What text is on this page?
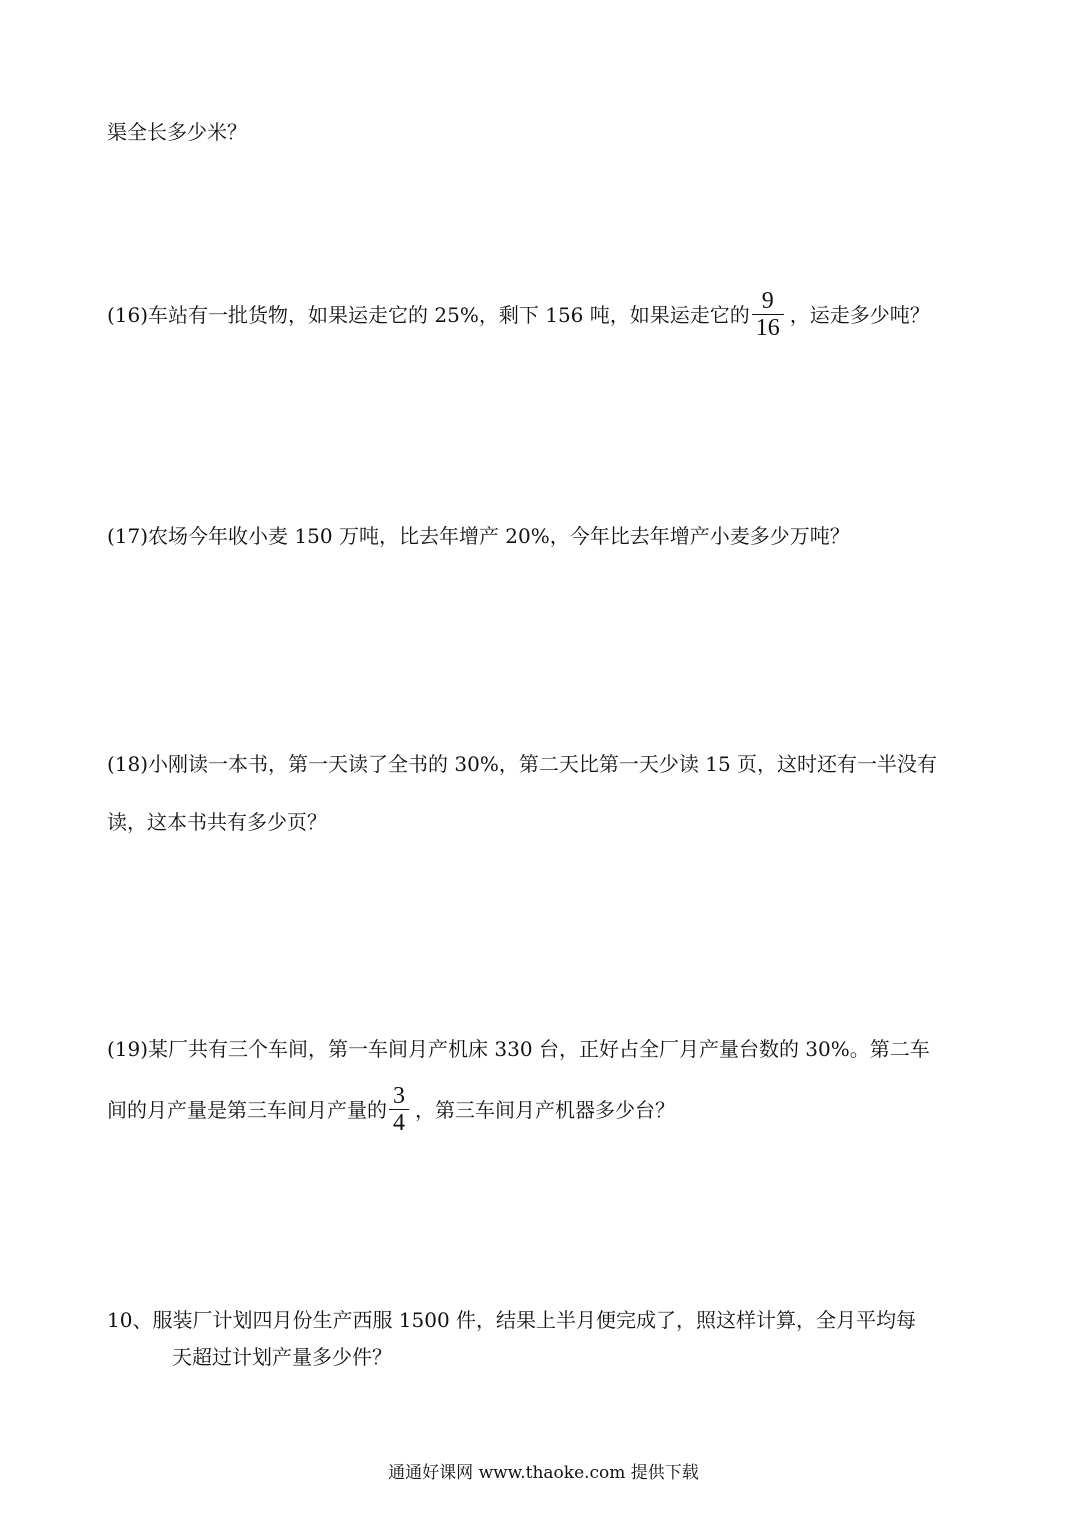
渠全长多少米？
(16)车站有一批货物，如果运走它的 25%，剩下 156 吨，如果运走它的 $\frac{9}{16}$ ，运走多少吨？
(17)农场今年收小麦 150 万吨，比去年增产 20%，今年比去年增产小麦多少万吨？
(18)小刚读一本书，第一天读了全书的 30%，第二天比第一天少读 15 页，这时还有一半没有
读，这本书共有多少页？
(19)某厂共有三个车间，第一车间月产机床 330 台，正好占全厂月产量台数的 30%。第二车
间的月产量是第三车间月产量的 $\frac{3}{4}$ ，第三车间月产机器多少台？
10、服装厂计划四月份生产西服 1500 件，结果上半月便完成了，照这样计算，全月平均每
天超过计划产量多少件？
通通好课网 www.thaoke.com 提供下载
